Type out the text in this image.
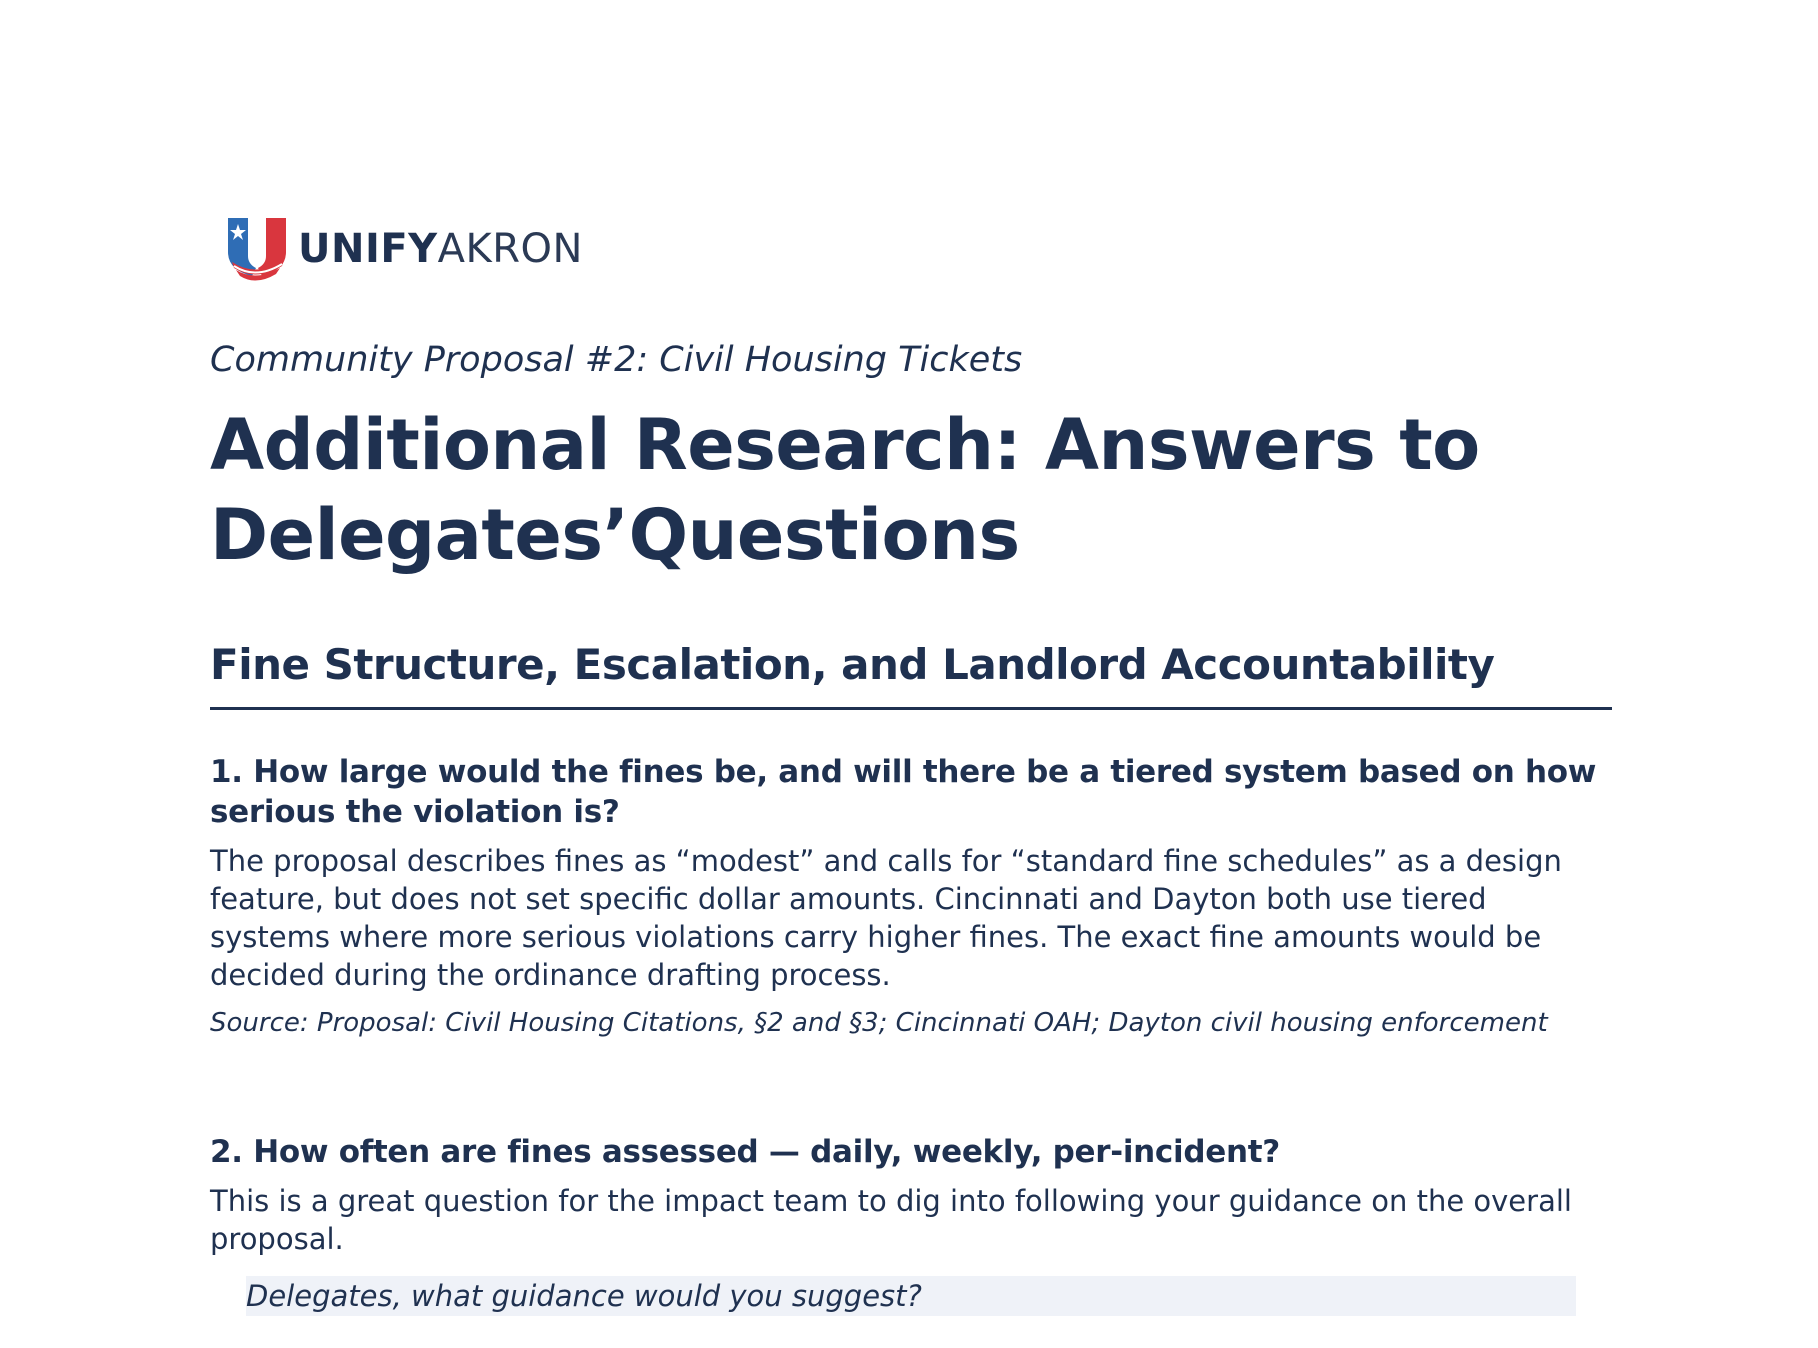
UNIFYAKRON
Community Proposal #2: Civil Housing Tickets
Additional Research: Answers to
Delegates’Questions
Fine Structure, Escalation, and Landlord Accountability
1. How large would the fines be, and will there be a tiered system based on how serious the violation is?
The proposal describes fines as “modest” and calls for “standard fine schedules” as a design feature, but does not set specific dollar amounts. Cincinnati and Dayton both use tiered systems where more serious violations carry higher fines. The exact fine amounts would be decided during the ordinance drafting process.
Source: Proposal: Civil Housing Citations, §2 and §3; Cincinnati OAH; Dayton civil housing enforcement
2. How often are fines assessed — daily, weekly, per-incident?
This is a great question for the impact team to dig into following your guidance on the overall proposal.
Delegates, what guidance would you suggest?
